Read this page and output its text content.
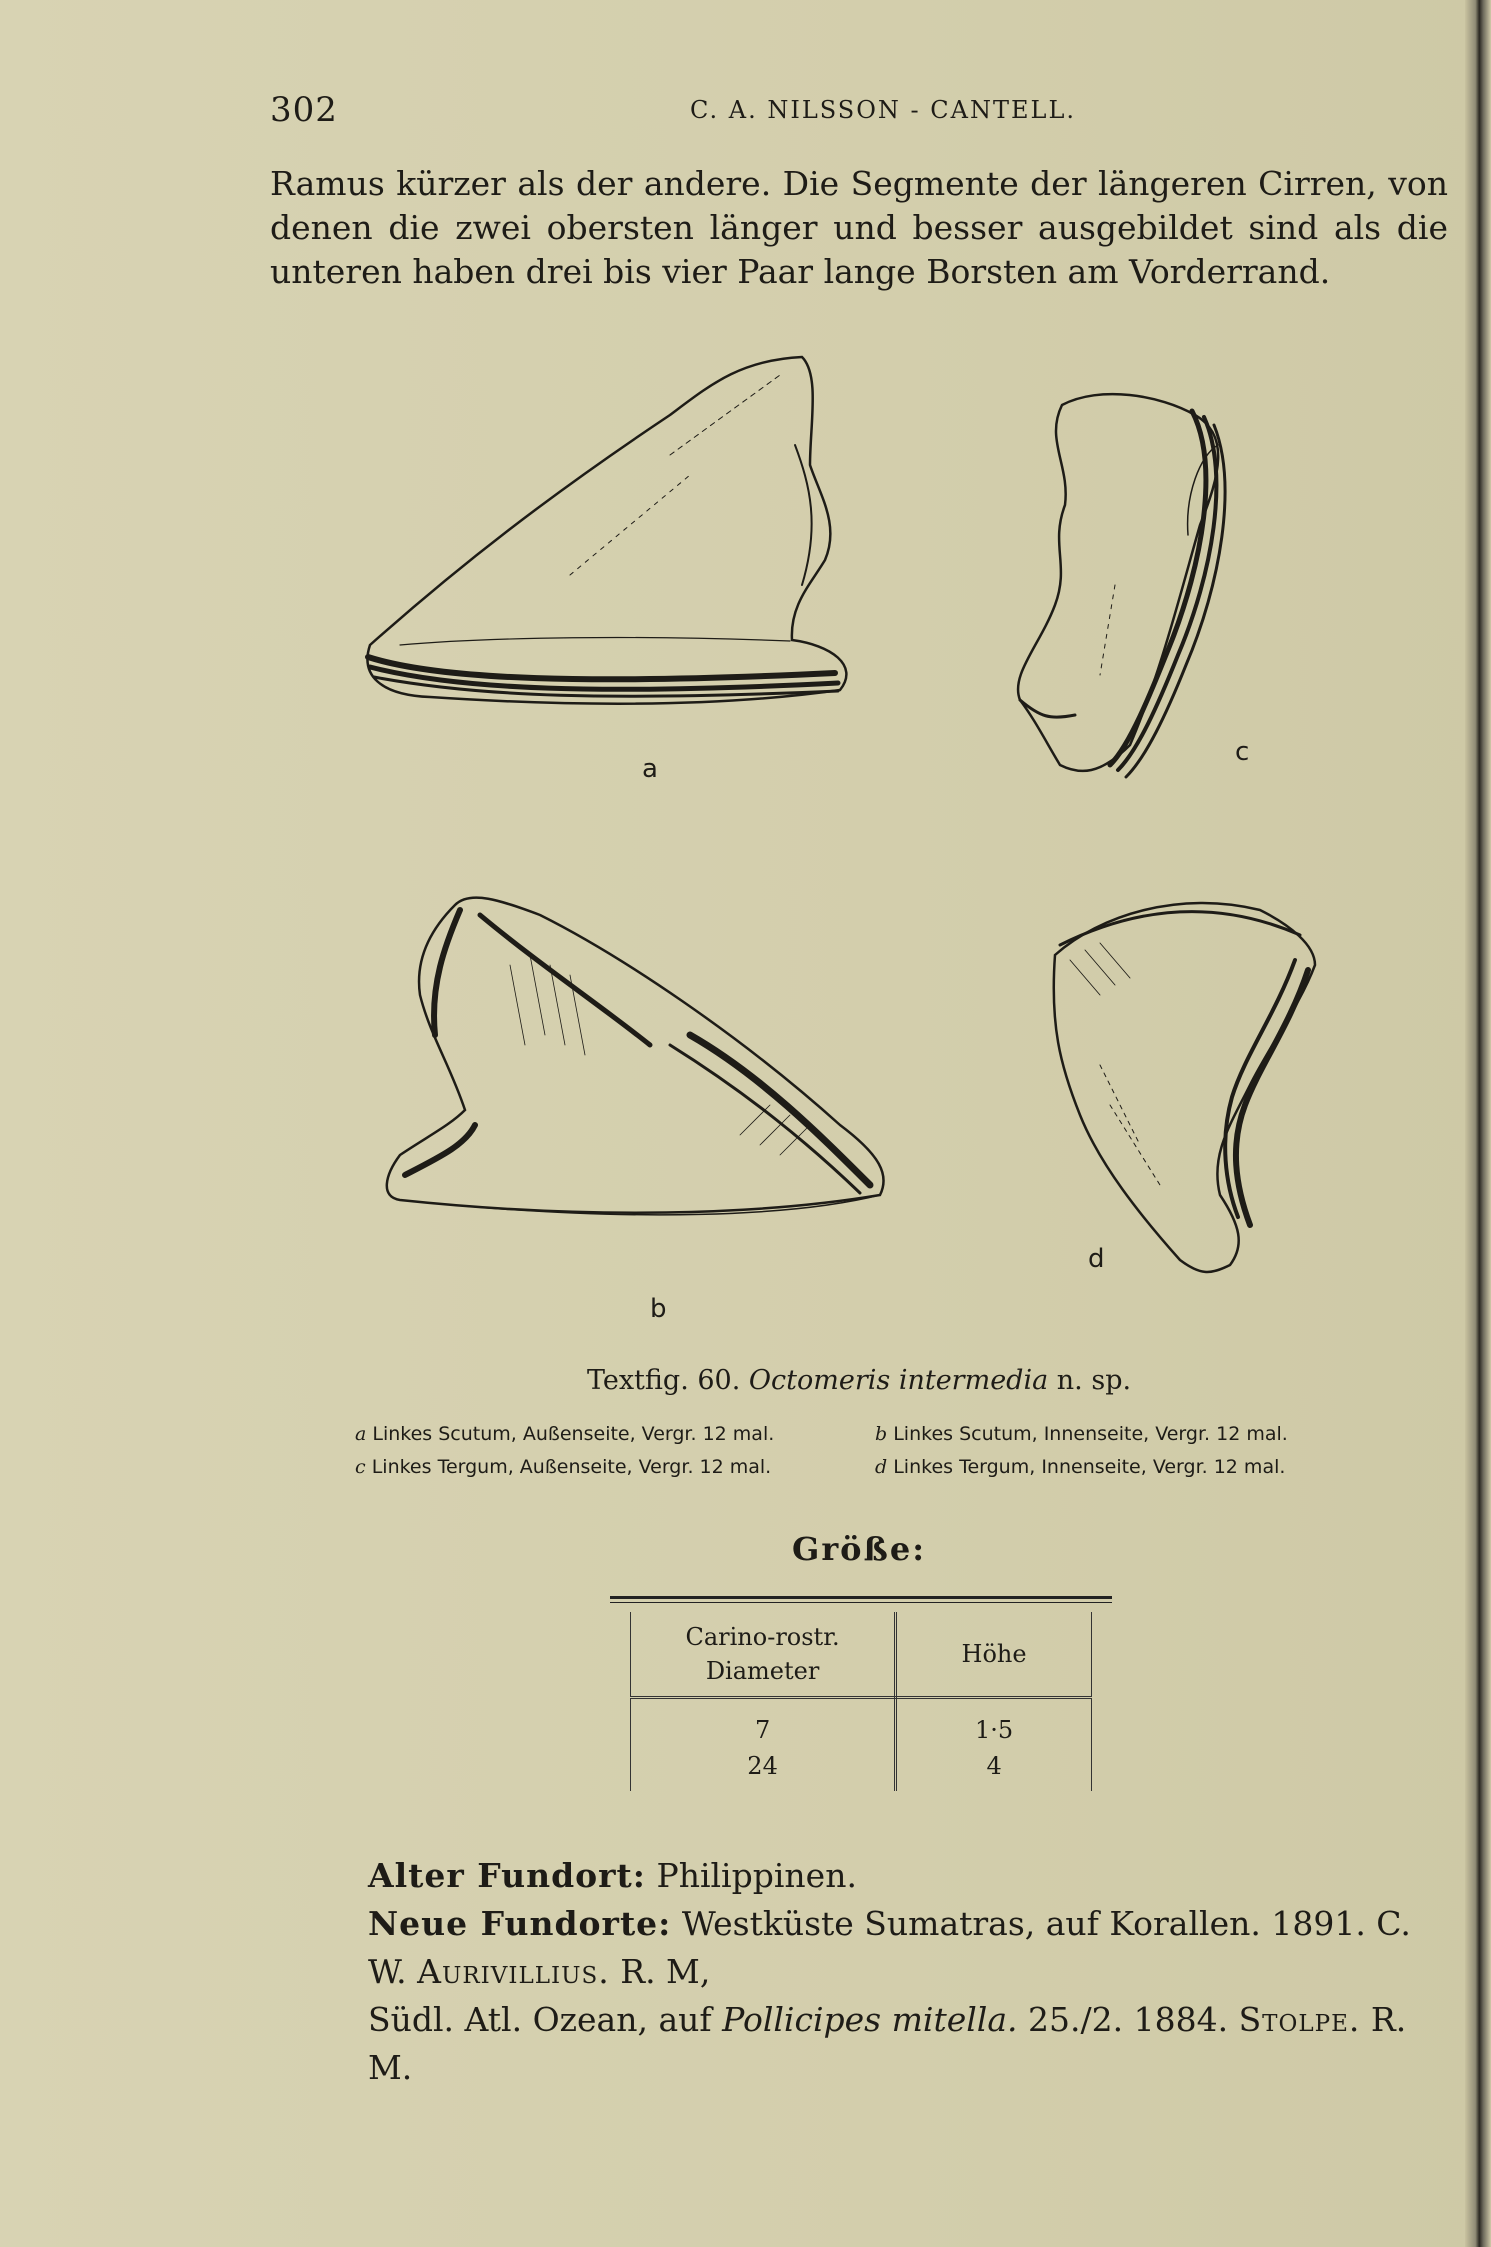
302	C. A. NILSSON - CANTELL.

Ramus kürzer als der andere. Die Segmente der längeren Cirren, von denen die zwei obersten länger und besser ausgebildet sind als die unteren haben drei bis vier Paar lange Borsten am Vorderrand.

a
c
b
d
Textfig. 60. Octomeris intermedia n. sp.
a Linkes Scutum, Außenseite, Vergr. 12 mal.	b Linkes Scutum, Innenseite, Vergr. 12 mal.
c Linkes Tergum, Außenseite, Vergr. 12 mal.	d Linkes Tergum, Innenseite, Vergr. 12 mal.
Größe:
Carino-rostr. Diameter	Höhe
7	1·5
24	4

Alter Fundort: Philippinen.

Neue Fundorte: Westküste Sumatras, auf Korallen. 1891. C. W. Aurivillius. R. M,

Südl. Atl. Ozean, auf Pollicipes mitella. 25./2. 1884. Stolpe. R. M.
